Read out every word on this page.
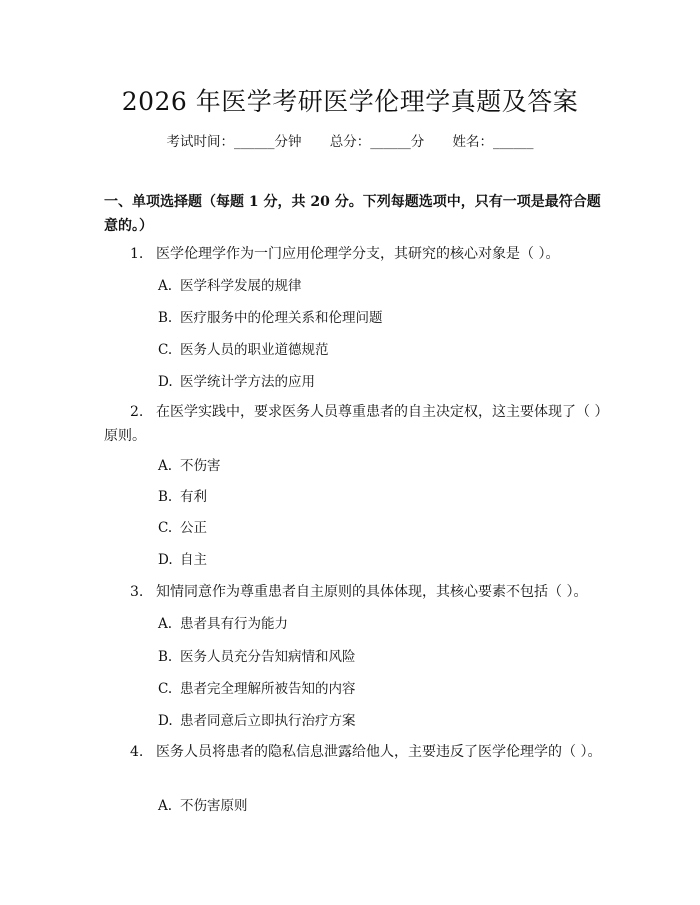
2026 年医学考研医学伦理学真题及答案
考试时间：______分钟 总分：______分 姓名：______
一、单项选择题（每题 1 分，共 20 分。下列每题选项中，只有一项是最符合题意的。）
1. 医学伦理学作为一门应用伦理学分支，其研究的核心对象是（ ）。
A. 医学科学发展的规律
B. 医疗服务中的伦理关系和伦理问题
C. 医务人员的职业道德规范
D. 医学统计学方法的应用
2. 在医学实践中，要求医务人员尊重患者的自主决定权，这主要体现了（ ）原则。
A. 不伤害
B. 有利
C. 公正
D. 自主
3. 知情同意作为尊重患者自主原则的具体体现，其核心要素不包括（ ）。
A. 患者具有行为能力
B. 医务人员充分告知病情和风险
C. 患者完全理解所被告知的内容
D. 患者同意后立即执行治疗方案
4. 医务人员将患者的隐私信息泄露给他人，主要违反了医学伦理学的（ ）。
A. 不伤害原则
